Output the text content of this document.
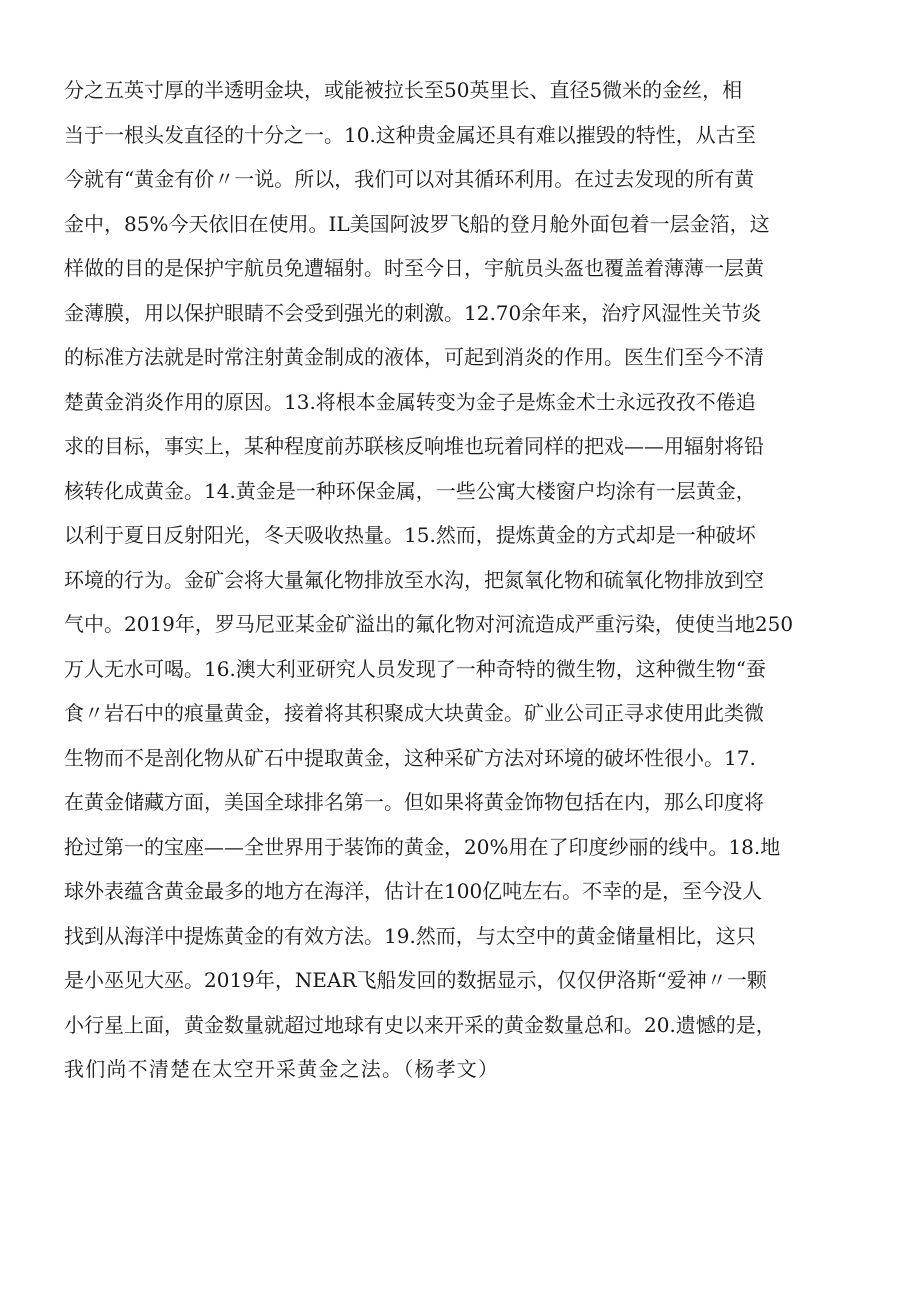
分之五英寸厚的半透明金块，或能被拉长至50英里长、直径5微米的金丝，相
当于一根头发直径的十分之一。10.这种贵金属还具有难以摧毁的特性，从古至
今就有“黄金有价〃一说。所以，我们可以对其循环利用。在过去发现的所有黄
金中，85%今天依旧在使用。IL美国阿波罗飞船的登月舱外面包着一层金箔，这
样做的目的是保护宇航员免遭辐射。时至今日，宇航员头盔也覆盖着薄薄一层黄
金薄膜，用以保护眼睛不会受到强光的刺激。12.70余年来，治疗风湿性关节炎
的标准方法就是时常注射黄金制成的液体，可起到消炎的作用。医生们至今不清
楚黄金消炎作用的原因。13.将根本金属转变为金子是炼金术士永远孜孜不倦追
求的目标，事实上，某种程度前苏联核反响堆也玩着同样的把戏——用辐射将铅
核转化成黄金。14.黄金是一种环保金属，一些公寓大楼窗户均涂有一层黄金，
以利于夏日反射阳光，冬天吸收热量。15.然而，提炼黄金的方式却是一种破坏
环境的行为。金矿会将大量氟化物排放至水沟，把氮氧化物和硫氧化物排放到空
气中。2019年，罗马尼亚某金矿溢出的氟化物对河流造成严重污染，使使当地250
万人无水可喝。16.澳大利亚研究人员发现了一种奇特的微生物，这种微生物“蚕
食〃岩石中的痕量黄金，接着将其积聚成大块黄金。矿业公司正寻求使用此类微
生物而不是剖化物从矿石中提取黄金，这种采矿方法对环境的破坏性很小。17.
在黄金储藏方面，美国全球排名第一。但如果将黄金饰物包括在内，那么印度将
抢过第一的宝座——全世界用于装饰的黄金，20%用在了印度纱丽的线中。18.地
球外表蕴含黄金最多的地方在海洋，估计在100亿吨左右。不幸的是，至今没人
找到从海洋中提炼黄金的有效方法。19.然而，与太空中的黄金储量相比，这只
是小巫见大巫。2019年，NEAR飞船发回的数据显示，仅仅伊洛斯“爱神〃一颗
小行星上面，黄金数量就超过地球有史以来开采的黄金数量总和。20.遗憾的是，
我们尚不清楚在太空开采黄金之法。（杨孝文）
